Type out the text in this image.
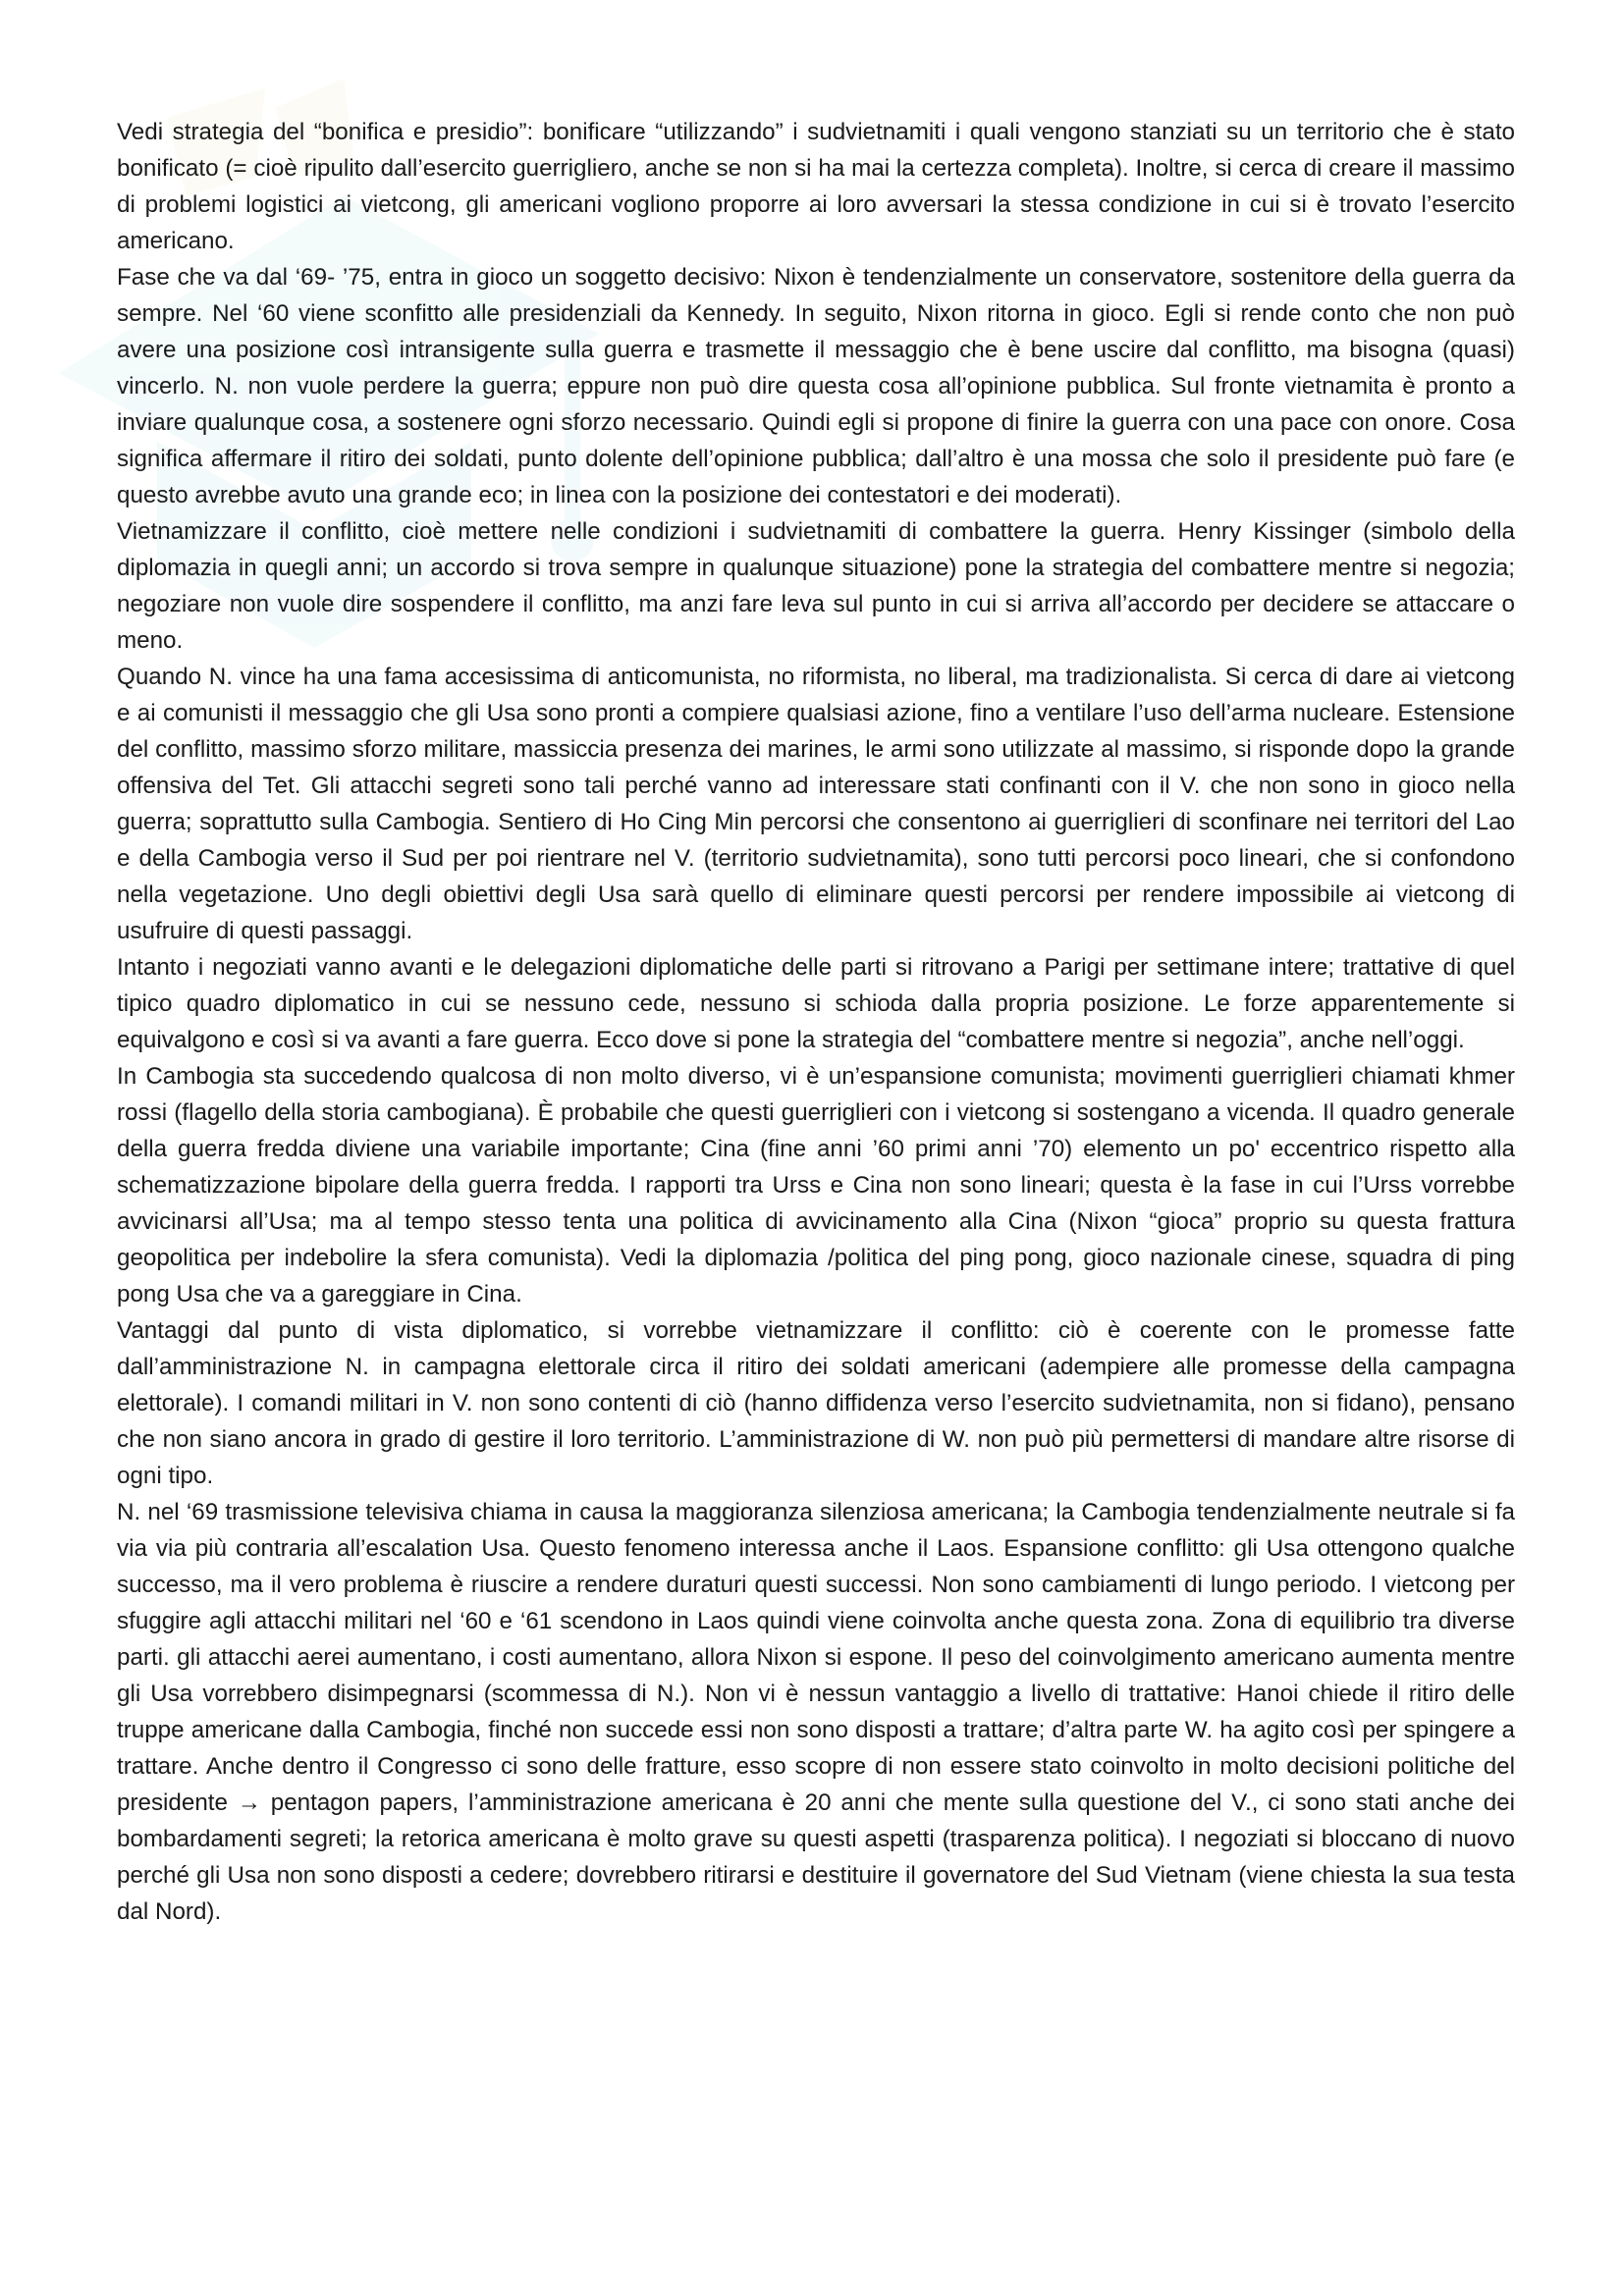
Vedi strategia del “bonifica e presidio”: bonificare “utilizzando” i sudvietnamiti i quali vengono stanziati su un territorio che è stato bonificato (= cioè ripulito dall’esercito guerrigliero, anche se non si ha mai la certezza completa). Inoltre, si cerca di creare il massimo di problemi logistici ai vietcong, gli americani vogliono proporre ai loro avversari la stessa condizione in cui si è trovato l’esercito americano.

Fase che va dal ‘69- ’75, entra in gioco un soggetto decisivo: Nixon è tendenzialmente un conservatore, sostenitore della guerra da sempre. Nel ‘60 viene sconfitto alle presidenziali da Kennedy. In seguito, Nixon ritorna in gioco. Egli si rende conto che non può avere una posizione così intransigente sulla guerra e trasmette il messaggio che è bene uscire dal conflitto, ma bisogna (quasi) vincerlo. N. non vuole perdere la guerra; eppure non può dire questa cosa all’opinione pubblica. Sul fronte vietnamita è pronto a inviare qualunque cosa, a sostenere ogni sforzo necessario. Quindi egli si propone di finire la guerra con una pace con onore. Cosa significa affermare il ritiro dei soldati, punto dolente dell’opinione pubblica; dall’altro è una mossa che solo il presidente può fare (e questo avrebbe avuto una grande eco; in linea con la posizione dei contestatori e dei moderati).

Vietnamizzare il conflitto, cioè mettere nelle condizioni i sudvietnamiti di combattere la guerra. Henry Kissinger (simbolo della diplomazia in quegli anni; un accordo si trova sempre in qualunque situazione) pone la strategia del combattere mentre si negozia; negoziare non vuole dire sospendere il conflitto, ma anzi fare leva sul punto in cui si arriva all’accordo per decidere se attaccare o meno.

Quando N. vince ha una fama accesissima di anticomunista, no riformista, no liberal, ma tradizionalista. Si cerca di dare ai vietcong e ai comunisti il messaggio che gli Usa sono pronti a compiere qualsiasi azione, fino a ventilare l’uso dell’arma nucleare. Estensione del conflitto, massimo sforzo militare, massiccia presenza dei marines, le armi sono utilizzate al massimo, si risponde dopo la grande offensiva del Tet. Gli attacchi segreti sono tali perché vanno ad interessare stati confinanti con il V. che non sono in gioco nella guerra; soprattutto sulla Cambogia. Sentiero di Ho Cing Min percorsi che consentono ai guerriglieri di sconfinare nei territori del Lao e della Cambogia verso il Sud per poi rientrare nel V. (territorio sudvietnamita), sono tutti percorsi poco lineari, che si confondono nella vegetazione. Uno degli obiettivi degli Usa sarà quello di eliminare questi percorsi per rendere impossibile ai vietcong di usufruire di questi passaggi.

Intanto i negoziati vanno avanti e le delegazioni diplomatiche delle parti si ritrovano a Parigi per settimane intere; trattative di quel tipico quadro diplomatico in cui se nessuno cede, nessuno si schioda dalla propria posizione. Le forze apparentemente si equivalgono e così si va avanti a fare guerra. Ecco dove si pone la strategia del “combattere mentre si negozia”, anche nell’oggi.

In Cambogia sta succedendo qualcosa di non molto diverso, vi è un’espansione comunista; movimenti guerriglieri chiamati khmer rossi (flagello della storia cambogiana). È probabile che questi guerriglieri con i vietcong si sostengano a vicenda. Il quadro generale della guerra fredda diviene una variabile importante; Cina (fine anni ’60 primi anni ’70) elemento un po' eccentrico rispetto alla schematizzazione bipolare della guerra fredda. I rapporti tra Urss e Cina non sono lineari; questa è la fase in cui l’Urss vorrebbe avvicinarsi all’Usa; ma al tempo stesso tenta una politica di avvicinamento alla Cina (Nixon “gioca” proprio su questa frattura geopolitica per indebolire la sfera comunista). Vedi la diplomazia /politica del ping pong, gioco nazionale cinese, squadra di ping pong Usa che va a gareggiare in Cina.

Vantaggi dal punto di vista diplomatico, si vorrebbe vietnamizzare il conflitto: ciò è coerente con le promesse fatte dall’amministrazione N. in campagna elettorale circa il ritiro dei soldati americani (adempiere alle promesse della campagna elettorale). I comandi militari in V. non sono contenti di ciò (hanno diffidenza verso l’esercito sudvietnamita, non si fidano), pensano che non siano ancora in grado di gestire il loro territorio. L’amministrazione di W. non può più permettersi di mandare altre risorse di ogni tipo.

N. nel ‘69 trasmissione televisiva chiama in causa la maggioranza silenziosa americana; la Cambogia tendenzialmente neutrale si fa via via più contraria all’escalation Usa. Questo fenomeno interessa anche il Laos. Espansione conflitto: gli Usa ottengono qualche successo, ma il vero problema è riuscire a rendere duraturi questi successi. Non sono cambiamenti di lungo periodo. I vietcong per sfuggire agli attacchi militari nel ‘60 e ‘61 scendono in Laos quindi viene coinvolta anche questa zona. Zona di equilibrio tra diverse parti. gli attacchi aerei aumentano, i costi aumentano, allora Nixon si espone. Il peso del coinvolgimento americano aumenta mentre gli Usa vorrebbero disimpegnarsi (scommessa di N.). Non vi è nessun vantaggio a livello di trattative: Hanoi chiede il ritiro delle truppe americane dalla Cambogia, finché non succede essi non sono disposti a trattare; d’altra parte W. ha agito così per spingere a trattare. Anche dentro il Congresso ci sono delle fratture, esso scopre di non essere stato coinvolto in molto decisioni politiche del presidente → pentagon papers, l’amministrazione americana è 20 anni che mente sulla questione del V., ci sono stati anche dei bombardamenti segreti; la retorica americana è molto grave su questi aspetti (trasparenza politica). I negoziati si bloccano di nuovo perché gli Usa non sono disposti a cedere; dovrebbero ritirarsi e destituire il governatore del Sud Vietnam (viene chiesta la sua testa dal Nord).
